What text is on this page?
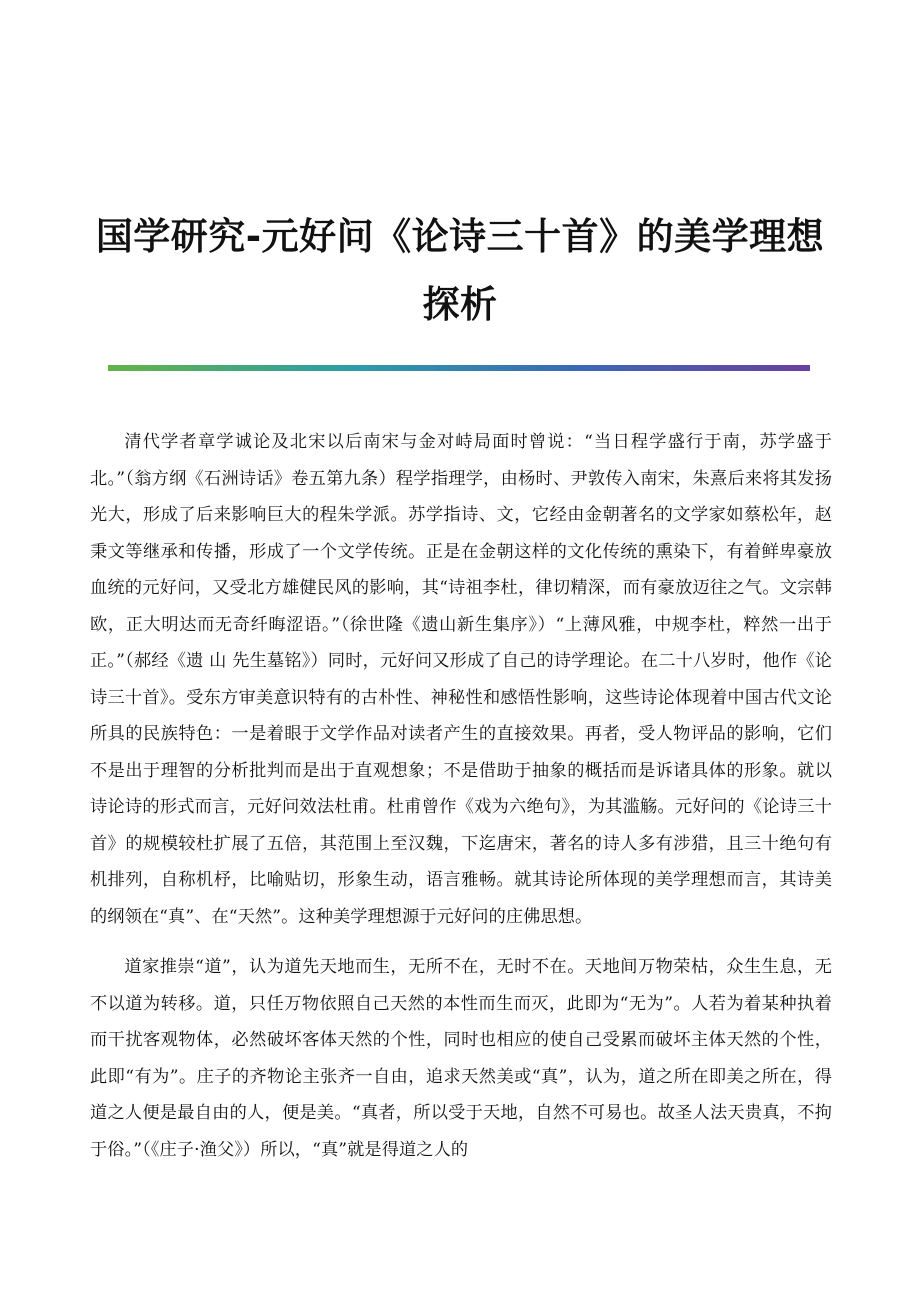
国学研究-元好问《论诗三十首》的美学理想探析

清代学者章学诚论及北宋以后南宋与金对峙局面时曾说：“当日程学盛行于南，苏学盛于北。”（翁方纲《石洲诗话》卷五第九条）程学指理学，由杨时、尹敦传入南宋，朱熹后来将其发扬光大，形成了后来影响巨大的程朱学派。苏学指诗、文，它经由金朝著名的文学家如蔡松年，赵秉文等继承和传播，形成了一个文学传统。正是在金朝这样的文化传统的熏染下，有着鲜卑豪放血统的元好问，又受北方雄健民风的影响，其“诗祖李杜，律切精深，而有豪放迈往之气。文宗韩欧，正大明达而无奇纤晦涩语。”（徐世隆《遗山新生集序》）“上薄风雅，中规李杜，粹然一出于正。”（郝经《遗 山 先生墓铭》）同时，元好问又形成了自己的诗学理论。在二十八岁时，他作《论诗三十首》。受东方审美意识特有的古朴性、神秘性和感悟性影响，这些诗论体现着中国古代文论所具的民族特色：一是着眼于文学作品对读者产生的直接效果。再者，受人物评品的影响，它们不是出于理智的分析批判而是出于直观想象；不是借助于抽象的概括而是诉诸具体的形象。就以诗论诗的形式而言，元好问效法杜甫。杜甫曾作《戏为六绝句》，为其滥觞。元好问的《论诗三十首》的规模较杜扩展了五倍，其范围上至汉魏，下迄唐宋，著名的诗人多有涉猎，且三十绝句有机排列，自称机杼，比喻贴切，形象生动，语言雅畅。就其诗论所体现的美学理想而言，其诗美的纲领在“真”、在“天然”。这种美学理想源于元好问的庄佛思想。

道家推崇“道”，认为道先天地而生，无所不在，无时不在。天地间万物荣枯，众生生息，无不以道为转移。道，只任万物依照自己天然的本性而生而灭，此即为“无为”。人若为着某种执着而干扰客观物体，必然破坏客体天然的个性，同时也相应的使自己受累而破坏主体天然的个性，此即“有为”。庄子的齐物论主张齐一自由，追求天然美或“真”，认为，道之所在即美之所在，得道之人便是最自由的人，便是美。“真者，所以受于天地，自然不可易也。故圣人法天贵真，不拘于俗。”（《庄子·渔父》）所以，“真”就是得道之人的
